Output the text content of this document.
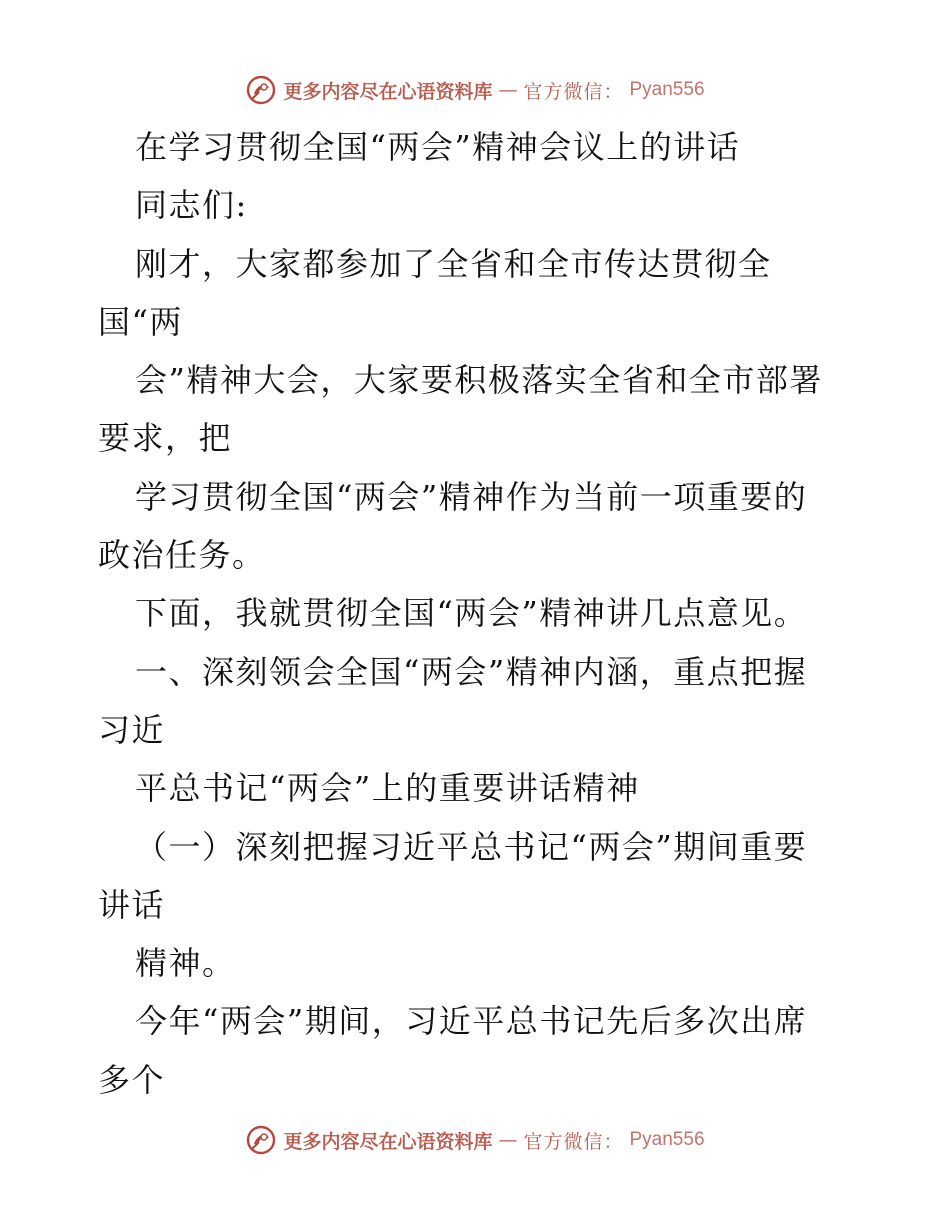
更多内容尽在心语资料库 — 官方微信： Pyan556
在学习贯彻全国“两会”精神会议上的讲话
同志们:
刚才，大家都参加了全省和全市传达贯彻全
国“两
会”精神大会，大家要积极落实全省和全市部署
要求，把
学习贯彻全国“两会”精神作为当前一项重要的
政治任务。
下面，我就贯彻全国“两会”精神讲几点意见。
一、深刻领会全国“两会”精神内涵，重点把握
习近
平总书记“两会”上的重要讲话精神
（一）深刻把握习近平总书记“两会”期间重要
讲话
精神。
今年“两会”期间，习近平总书记先后多次出席
多个
更多内容尽在心语资料库 — 官方微信： Pyan556
